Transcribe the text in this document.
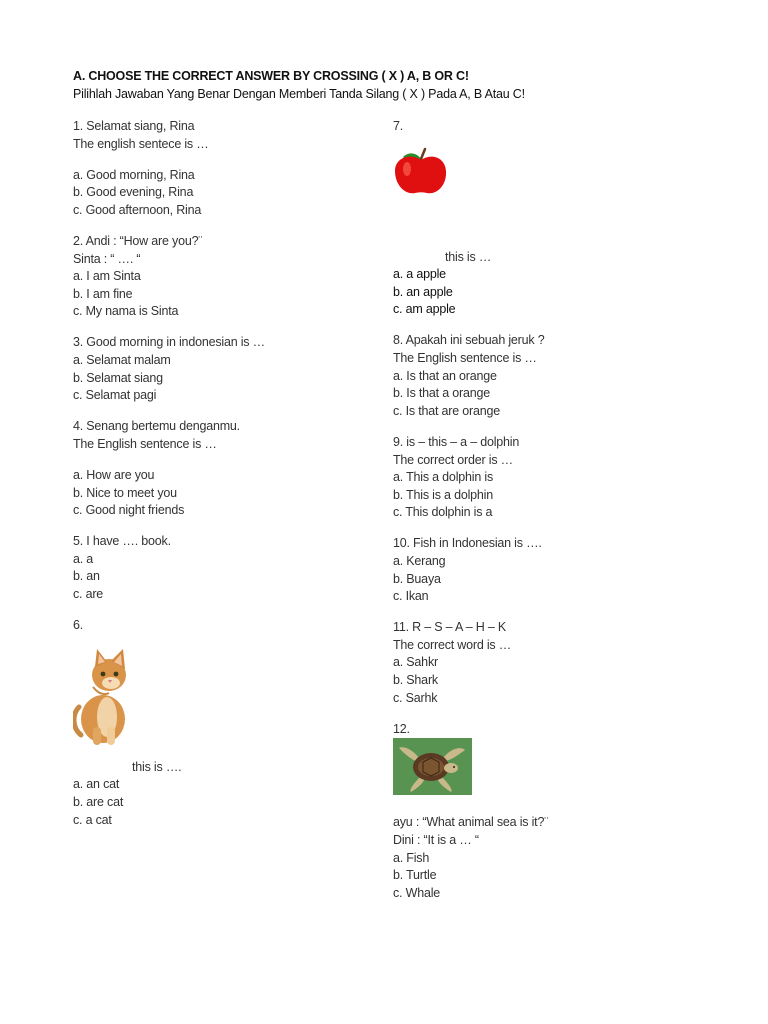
A. CHOOSE THE CORRECT ANSWER BY CROSSING ( X ) A, B OR C!
Pilihlah Jawaban Yang Benar Dengan Memberi Tanda Silang ( X ) Pada A, B Atau C!
1. Selamat siang, Rina
The english sentece is …
a. Good morning, Rina
b. Good evening, Rina
c. Good afternoon, Rina
2. Andi : “How are you?¨
Sinta : “ …. “
a. I am Sinta
b. I am fine
c. My nama is Sinta
3. Good morning in indonesian is …
a. Selamat malam
b. Selamat siang
c. Selamat pagi
4. Senang bertemu denganmu.
The English sentence is …
a. How are you
b. Nice to meet you
c. Good night friends
5. I have …. book.
a. a
b. an
c. are
6.
this is ….
a. an cat
b. are cat
c. a cat
7.
this is …
a. a apple
b. an apple
c. am apple
8. Apakah ini sebuah jeruk ?
The English sentence is …
a. Is that an orange
b. Is that a orange
c. Is that are orange
9. is – this – a – dolphin
The correct order is …
a. This a dolphin is
b. This is a dolphin
c. This dolphin is a
10. Fish in Indonesian is ….
a. Kerang
b. Buaya
c. Ikan
11. R – S – A – H – K
The correct word is …
a. Sahkr
b. Shark
c. Sarhk
12.
ayu : “What animal sea is it?¨
Dini : “It is a … “
a. Fish
b. Turtle
c. Whale
